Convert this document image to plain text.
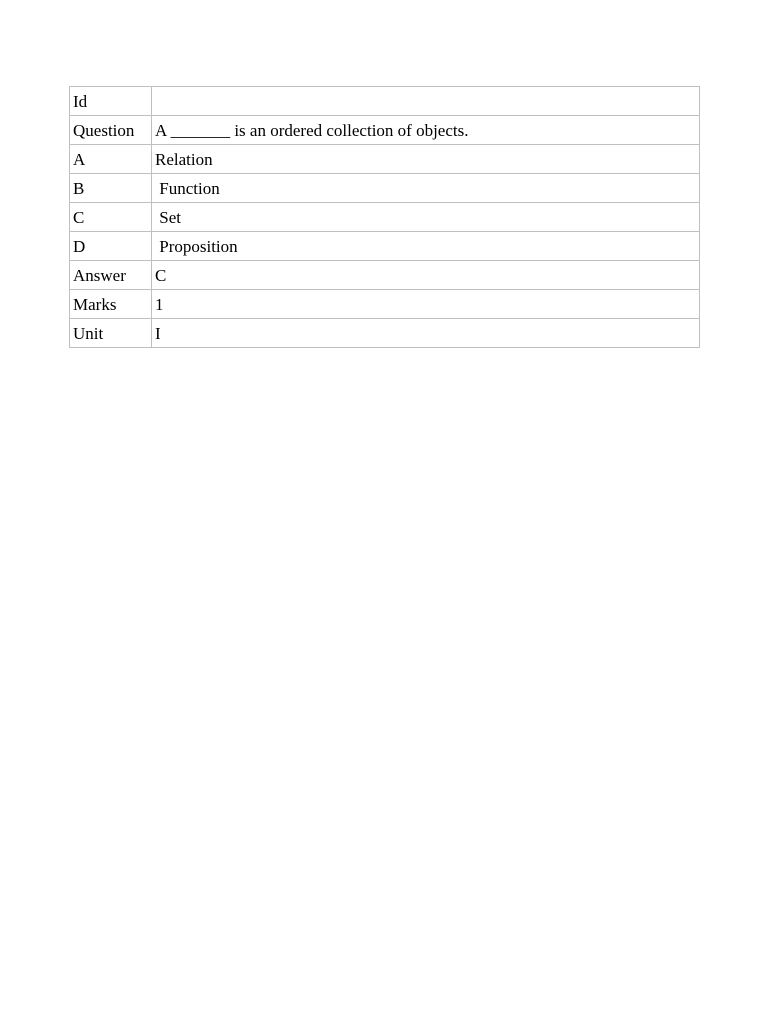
Id	
Question	A _______ is an ordered collection of objects.
A	Relation
B	Function
C	Set
D	Proposition
Answer	C
Marks	1
Unit	I
